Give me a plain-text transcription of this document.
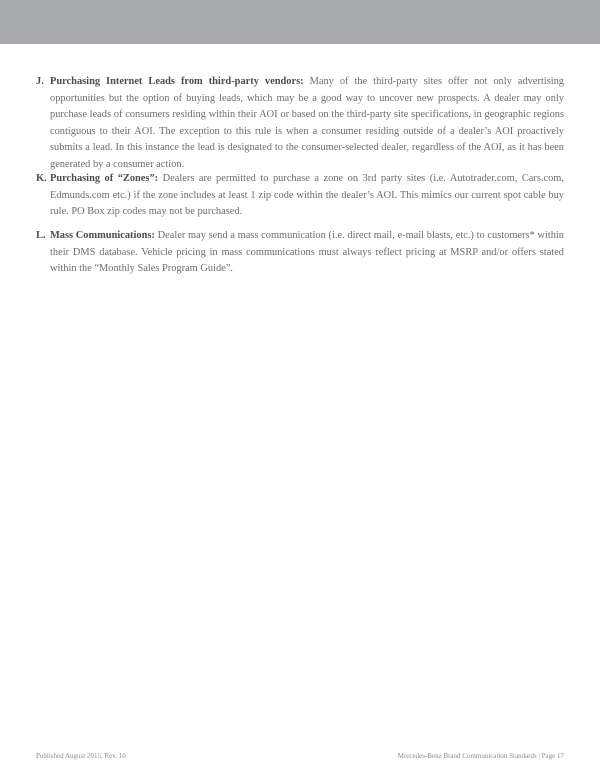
J. Purchasing Internet Leads from third-party vendors: Many of the third-party sites offer not only advertising opportunities but the option of buying leads, which may be a good way to uncover new prospects. A dealer may only purchase leads of consumers residing within their AOI or based on the third-party site specifications, in geographic regions contiguous to their AOI. The exception to this rule is when a consumer residing outside of a dealer’s AOI proactively submits a lead. In this instance the lead is designated to the consumer-selected dealer, regardless of the AOI, as it has been generated by a consumer action.
K. Purchasing of “Zones”: Dealers are permitted to purchase a zone on 3rd party sites (i.e. Autotrader.com, Cars.com, Edmunds.com etc.) if the zone includes at least 1 zip code within the dealer’s AOI. This mimics our current spot cable buy rule. PO Box zip codes may not be purchased.
L. Mass Communications: Dealer may send a mass communication (i.e. direct mail, e-mail blasts, etc.) to customers* within their DMS database. Vehicle pricing in mass communications must always reflect pricing at MSRP and/or offers stated within the “Monthly Sales Program Guide”.
Published August 2015, Rev. 10	Mercedes-Benz Brand Communication Standards | Page 17
